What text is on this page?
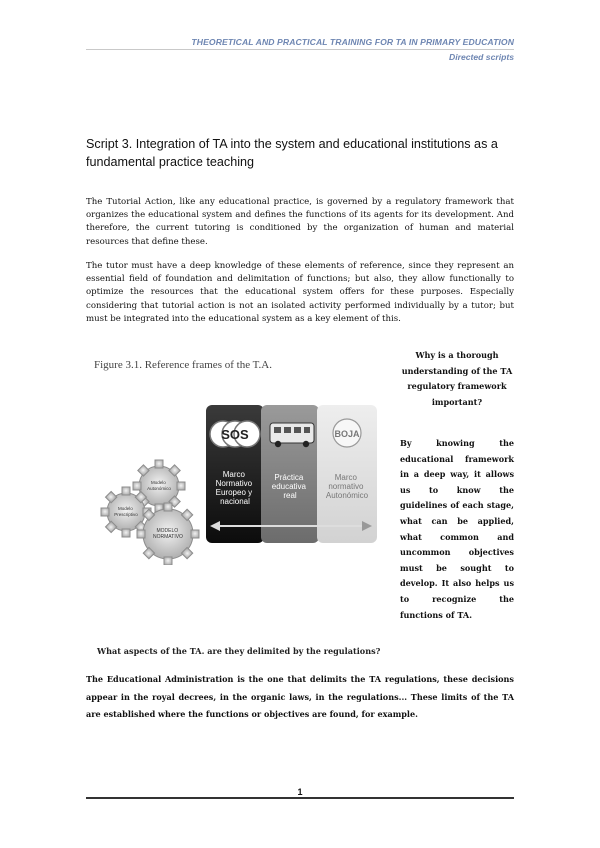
THEORETICAL AND PRACTICAL TRAINING FOR TA IN PRIMARY EDUCATION
Directed scripts
Script 3. Integration of TA into the system and educational institutions as a fundamental practice teaching
The Tutorial Action, like any educational practice, is governed by a regulatory framework that organizes the educational system and defines the functions of its agents for its development. And therefore, the current tutoring is conditioned by the organization of human and material resources that define these.
The tutor must have a deep knowledge of these elements of reference, since they represent an essential field of foundation and delimitation of functions; but also, they allow functionally to optimize the resources that the educational system offers for these purposes. Especially considering that tutorial action is not an isolated activity performed individually by a tutor; but must be integrated into the educational system as a key element of this.
Figure 3.1. Reference frames of the T.A.
SOS	BOJA
Marco Normativo Europeo y nacional
Práctica educativa real
Marco normativo Autonómico
Modelo Autonómico
Modelo Prescriptivo
MODELO NORMATIVO
Why is a thorough understanding of the TA regulatory framework important?
By knowing the educational framework in a deep way, it allows us to know the guidelines of each stage, what can be applied, what common and uncommon objectives must be sought to develop. It also helps us to recognize the functions of TA.
What aspects of the TA. are they delimited by the regulations?
The Educational Administration is the one that delimits the TA regulations, these decisions appear in the royal decrees, in the organic laws, in the regulations... These limits of the TA are established where the functions or objectives are found, for example.
1
